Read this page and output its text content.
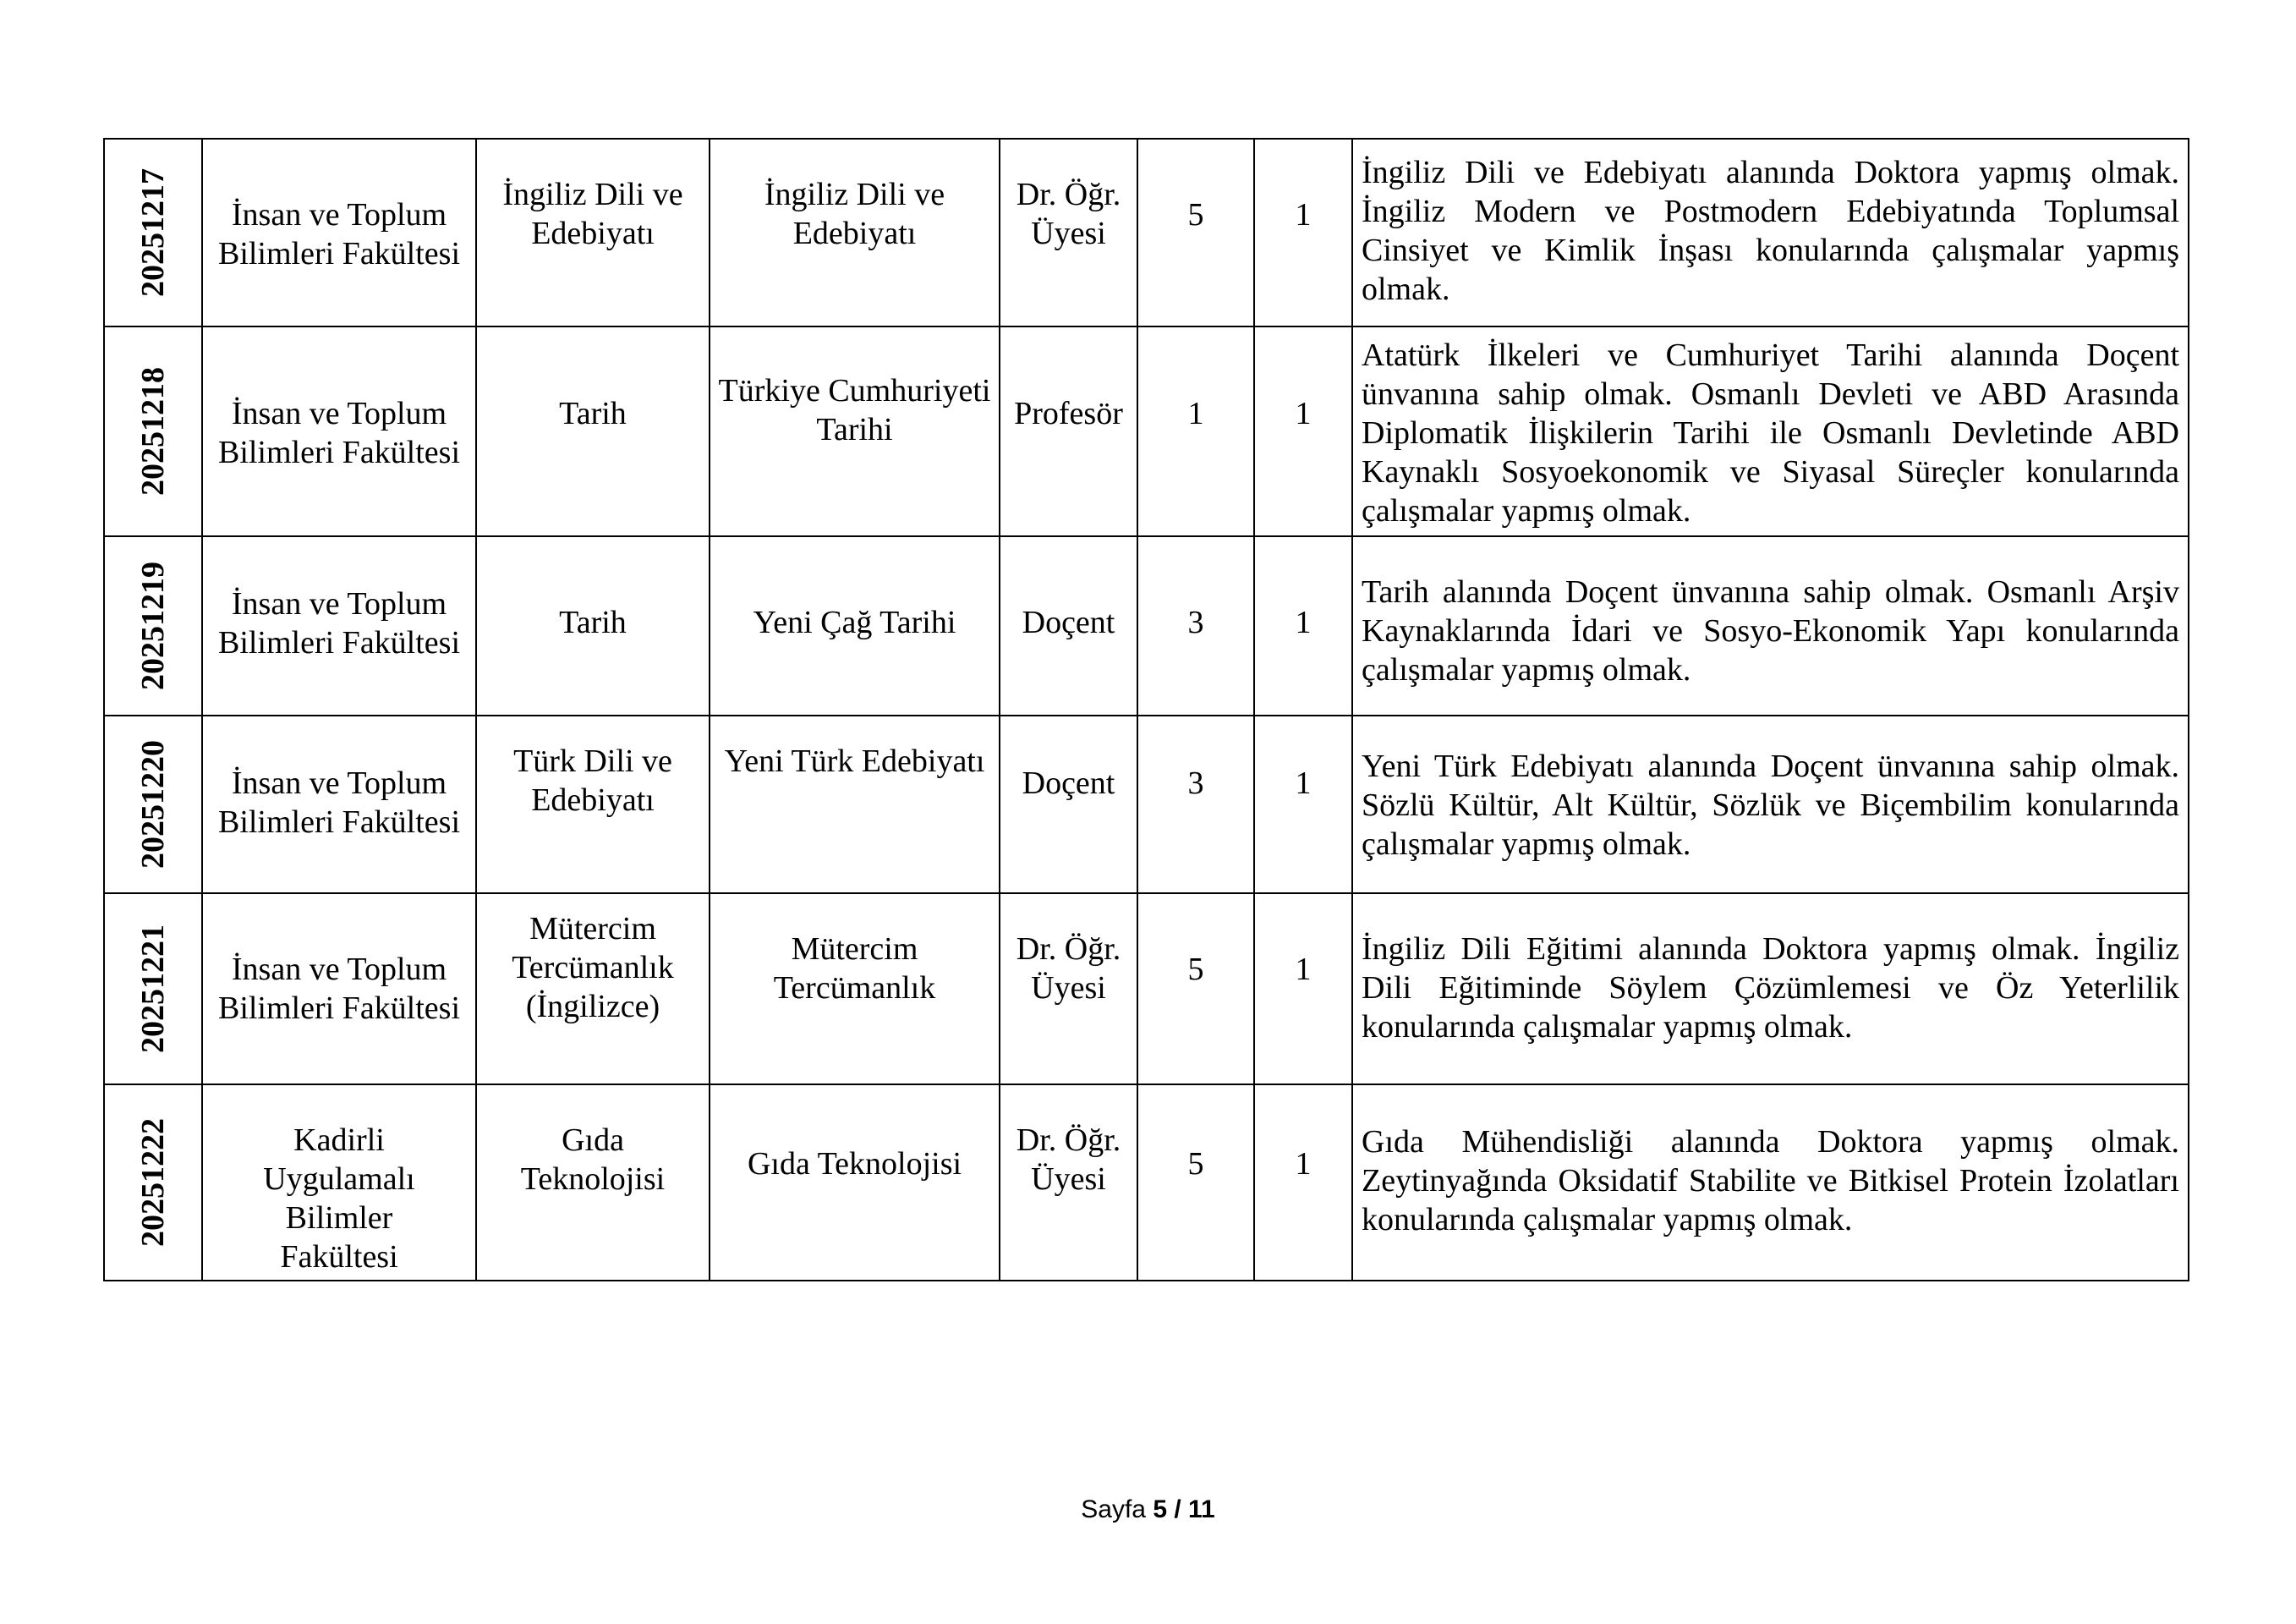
20251217	İnsan ve Toplum Bilimleri Fakültesi	İngiliz Dili ve Edebiyatı	İngiliz Dili ve Edebiyatı	Dr. Öğr. Üyesi	5	1	İngiliz Dili ve Edebiyatı alanında Doktora yapmış olmak. İngiliz Modern ve Postmodern Edebiyatında Toplumsal Cinsiyet ve Kimlik İnşası konularında çalışmalar yapmış olmak.

20251218	İnsan ve Toplum Bilimleri Fakültesi	Tarih	Türkiye Cumhuriyeti Tarihi	Profesör	1	1	Atatürk İlkeleri ve Cumhuriyet Tarihi alanında Doçent ünvanına sahip olmak. Osmanlı Devleti ve ABD Arasında Diplomatik İlişkilerin Tarihi ile Osmanlı Devletinde ABD Kaynaklı Sosyoekonomik ve Siyasal Süreçler konularında çalışmalar yapmış olmak.

20251219	İnsan ve Toplum Bilimleri Fakültesi	Tarih	Yeni Çağ Tarihi	Doçent	3	1	Tarih alanında Doçent ünvanına sahip olmak. Osmanlı Arşiv Kaynaklarında İdari ve Sosyo-Ekonomik Yapı konularında çalışmalar yapmış olmak.

20251220	İnsan ve Toplum Bilimleri Fakültesi	Türk Dili ve Edebiyatı	Yeni Türk Edebiyatı	Doçent	3	1	Yeni Türk Edebiyatı alanında Doçent ünvanına sahip olmak. Sözlü Kültür, Alt Kültür, Sözlük ve Biçembilim konularında çalışmalar yapmış olmak.

20251221	İnsan ve Toplum Bilimleri Fakültesi	Mütercim Tercümanlık (İngilizce)	Mütercim Tercümanlık	Dr. Öğr. Üyesi	5	1	İngiliz Dili Eğitimi alanında Doktora yapmış olmak. İngiliz Dili Eğitiminde Söylem Çözümlemesi ve Öz Yeterlilik konularında çalışmalar yapmış olmak.

20251222	Kadirli Uygulamalı Bilimler Fakültesi	Gıda Teknolojisi	Gıda Teknolojisi	Dr. Öğr. Üyesi	5	1	Gıda Mühendisliği alanında Doktora yapmış olmak. Zeytinyağında Oksidatif Stabilite ve Bitkisel Protein İzolatları konularında çalışmalar yapmış olmak.
Sayfa 5 / 11
